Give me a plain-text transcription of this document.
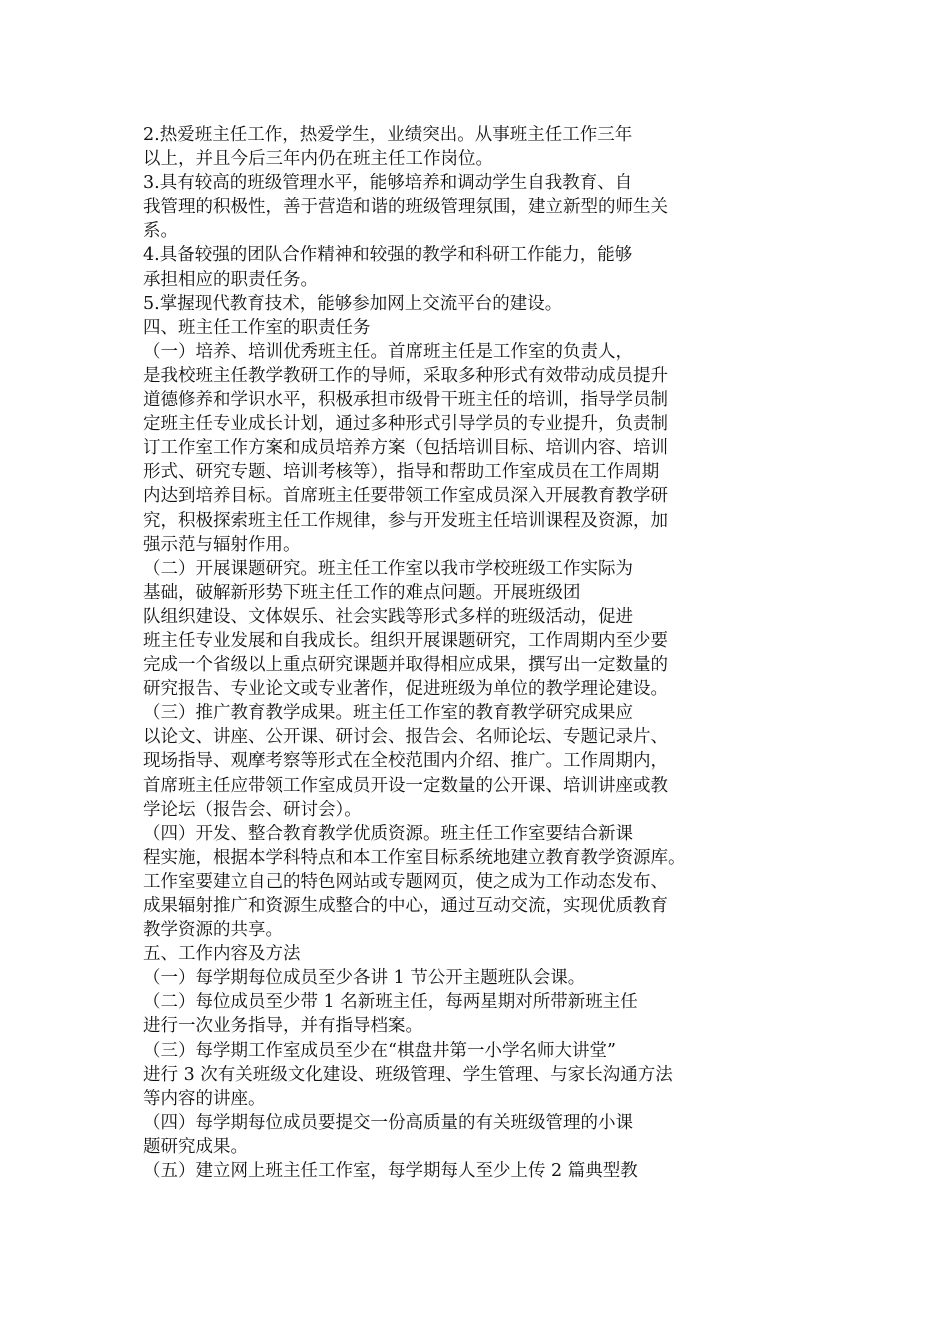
2.热爱班主任工作，热爱学生，业绩突出。从事班主任工作三年
以上，并且今后三年内仍在班主任工作岗位。
3.具有较高的班级管理水平，能够培养和调动学生自我教育、自
我管理的积极性，善于营造和谐的班级管理氛围，建立新型的师生关
系。
4.具备较强的团队合作精神和较强的教学和科研工作能力，能够
承担相应的职责任务。
5.掌握现代教育技术，能够参加网上交流平台的建设。
四、班主任工作室的职责任务
（一）培养、培训优秀班主任。首席班主任是工作室的负责人，
是我校班主任教学教研工作的导师，采取多种形式有效带动成员提升
道德修养和学识水平，积极承担市级骨干班主任的培训，指导学员制
定班主任专业成长计划，通过多种形式引导学员的专业提升，负责制
订工作室工作方案和成员培养方案（包括培训目标、培训内容、培训
形式、研究专题、培训考核等），指导和帮助工作室成员在工作周期
内达到培养目标。首席班主任要带领工作室成员深入开展教育教学研
究，积极探索班主任工作规律，参与开发班主任培训课程及资源，加
强示范与辐射作用。
（二）开展课题研究。班主任工作室以我市学校班级工作实际为
基础，破解新形势下班主任工作的难点问题。开展班级团
队组织建设、文体娱乐、社会实践等形式多样的班级活动，促进
班主任专业发展和自我成长。组织开展课题研究，工作周期内至少要
完成一个省级以上重点研究课题并取得相应成果，撰写出一定数量的
研究报告、专业论文或专业著作，促进班级为单位的教学理论建设。
（三）推广教育教学成果。班主任工作室的教育教学研究成果应
以论文、讲座、公开课、研讨会、报告会、名师论坛、专题记录片、
现场指导、观摩考察等形式在全校范围内介绍、推广。工作周期内，
首席班主任应带领工作室成员开设一定数量的公开课、培训讲座或教
学论坛（报告会、研讨会）。
（四）开发、整合教育教学优质资源。班主任工作室要结合新课
程实施，根据本学科特点和本工作室目标系统地建立教育教学资源库。
工作室要建立自己的特色网站或专题网页，使之成为工作动态发布、
成果辐射推广和资源生成整合的中心，通过互动交流，实现优质教育
教学资源的共享。
五、工作内容及方法
（一）每学期每位成员至少各讲 1 节公开主题班队会课。
（二）每位成员至少带 1 名新班主任，每两星期对所带新班主任
进行一次业务指导，并有指导档案。
（三）每学期工作室成员至少在“棋盘井第一小学名师大讲堂”
进行 3 次有关班级文化建设、班级管理、学生管理、与家长沟通方法
等内容的讲座。
（四）每学期每位成员要提交一份高质量的有关班级管理的小课
题研究成果。
（五）建立网上班主任工作室，每学期每人至少上传 2 篇典型教
